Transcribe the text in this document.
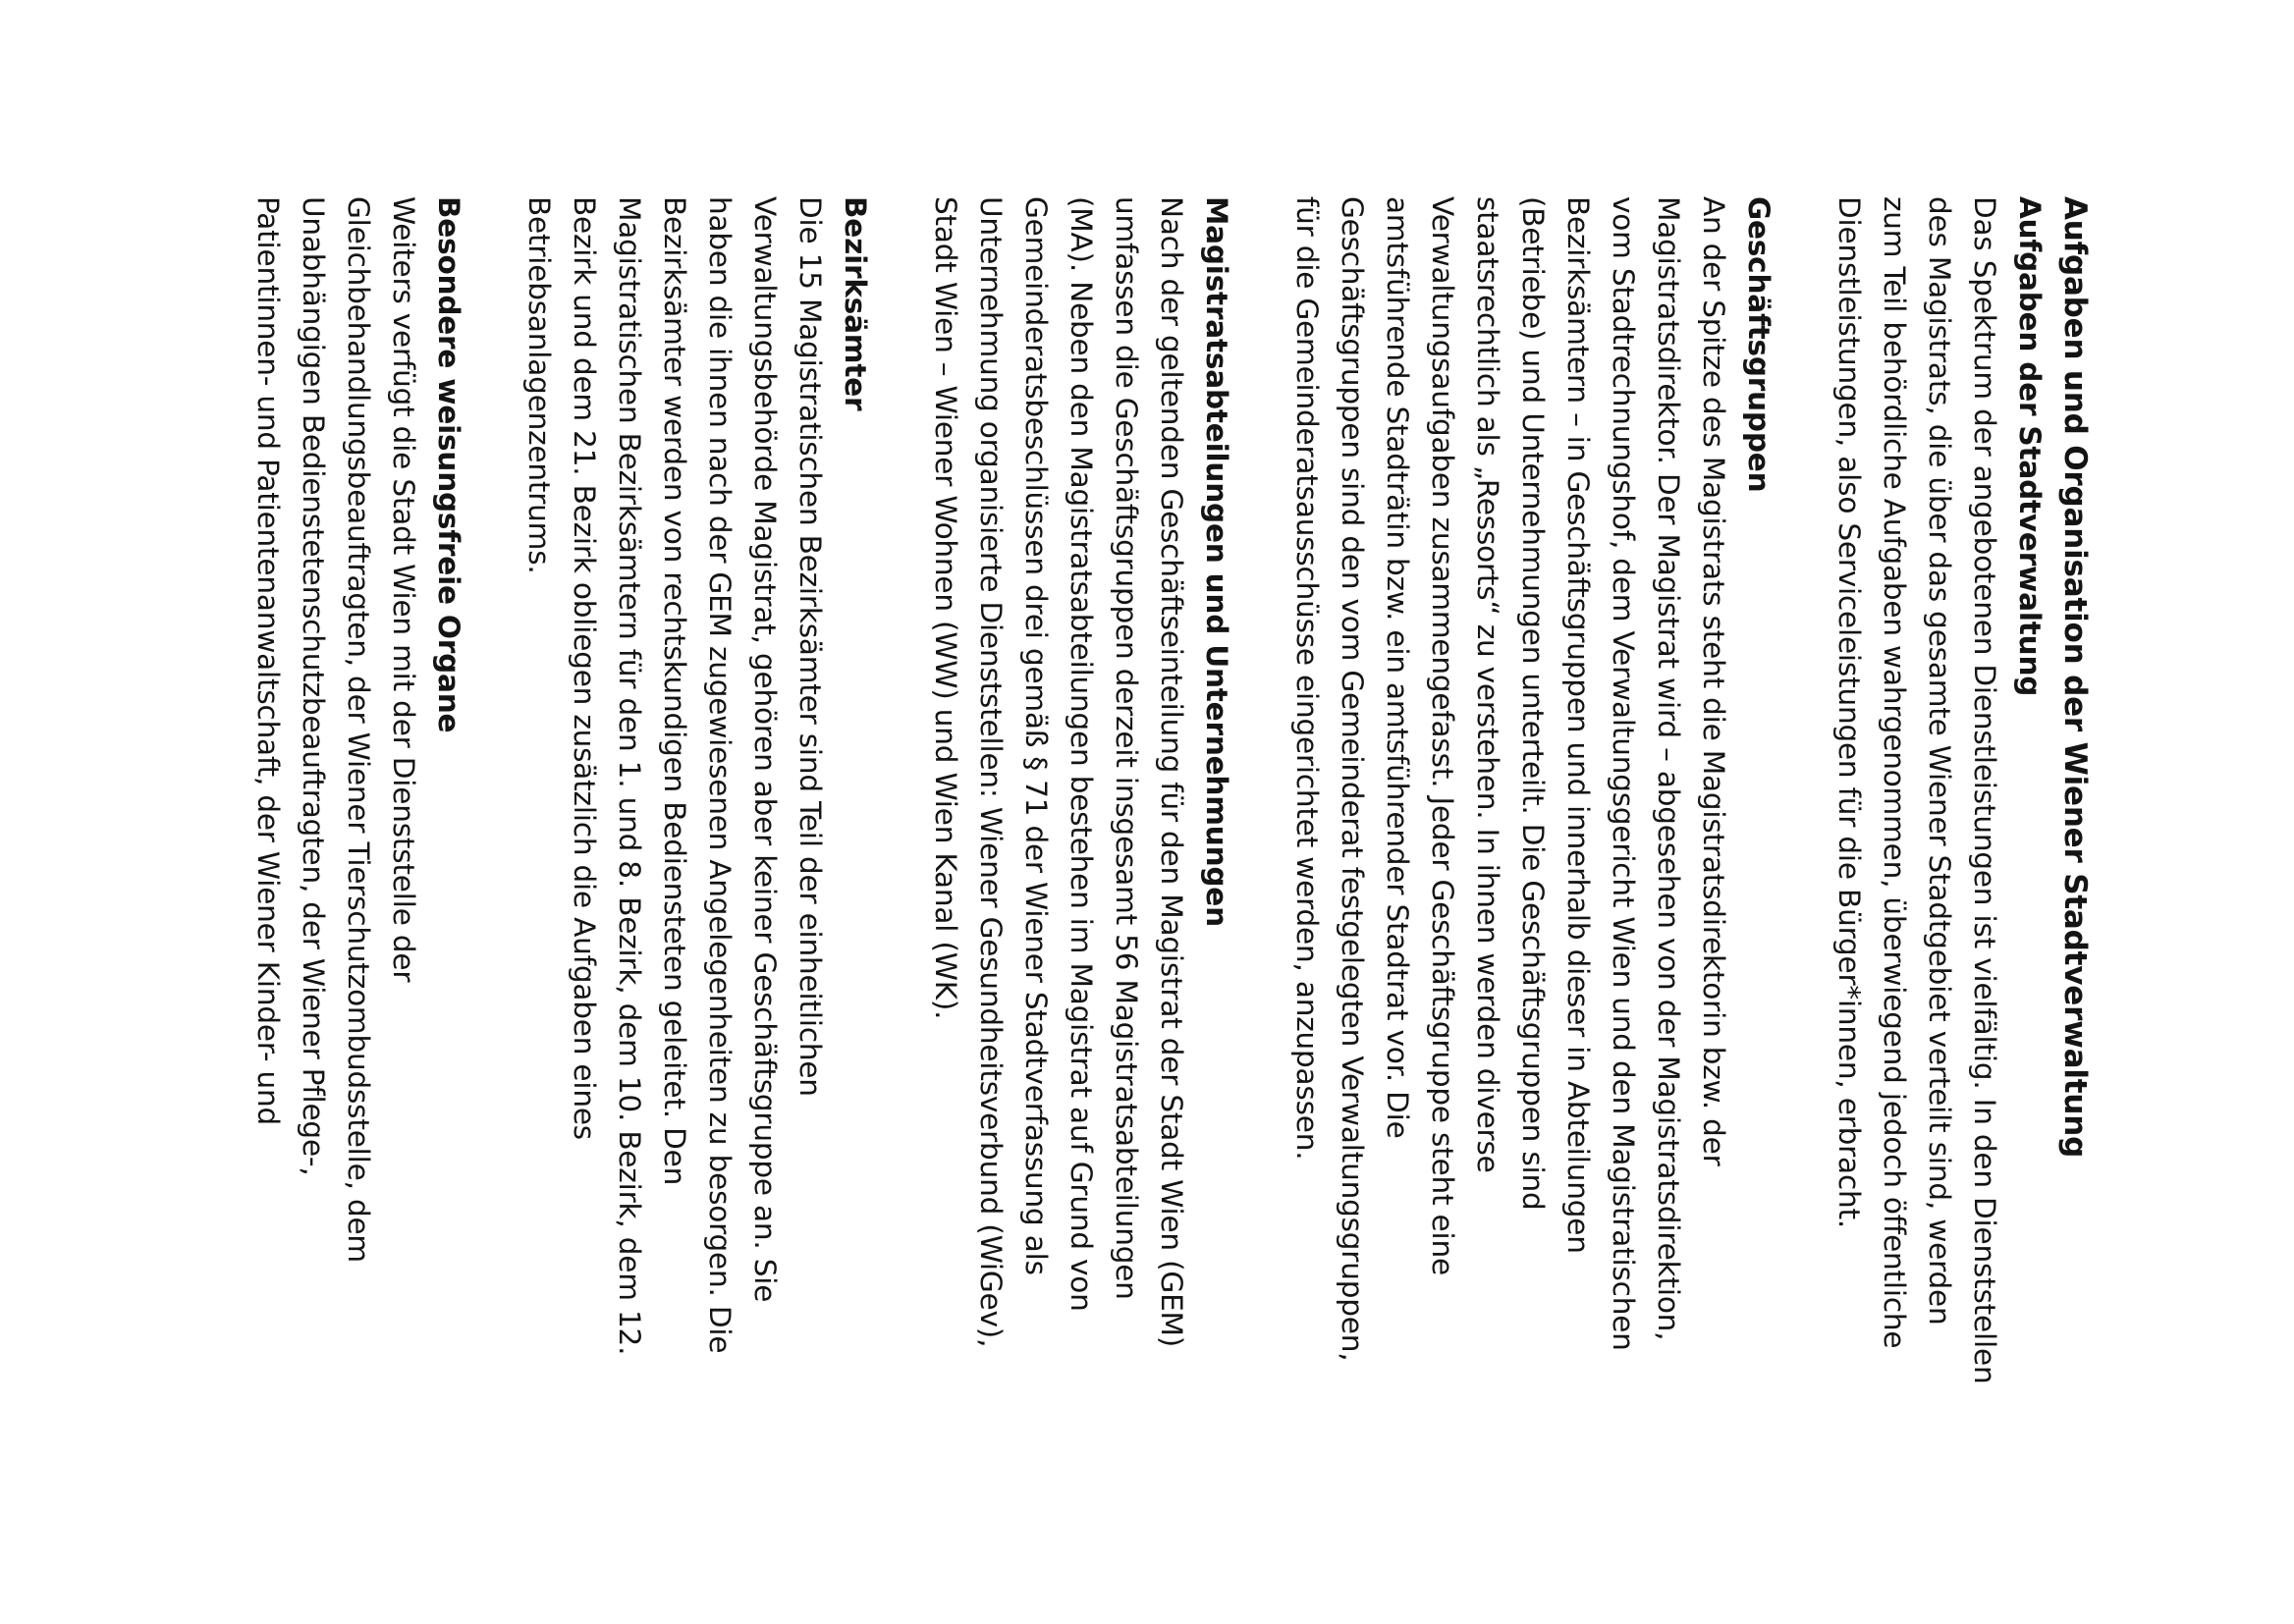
Aufgaben und Organisation der Wiener Stadtverwaltung
Aufgaben der Stadtverwaltung
Das Spektrum der angebotenen Dienstleistungen ist vielfältig. In den Dienststellen
des Magistrats, die über das gesamte Wiener Stadtgebiet verteilt sind, werden
zum Teil behördliche Aufgaben wahrgenommen, überwiegend jedoch öffentliche
Dienstleistungen, also Serviceleistungen für die Bürger*innen, erbracht.
Geschäftsgruppen
An der Spitze des Magistrats steht die Magistratsdirektorin bzw. der
Magistratsdirektor. Der Magistrat wird – abgesehen von der Magistratsdirektion,
vom Stadtrechnungshof, dem Verwaltungsgericht Wien und den Magistratischen
Bezirksämtern – in Geschäftsgruppen und innerhalb dieser in Abteilungen
(Betriebe) und Unternehmungen unterteilt. Die Geschäftsgruppen sind
staatsrechtlich als „Ressorts“ zu verstehen. In ihnen werden diverse
Verwaltungsaufgaben zusammengefasst. Jeder Geschäftsgruppe steht eine
amtsführende Stadträtin bzw. ein amtsführender Stadtrat vor. Die
Geschäftsgruppen sind den vom Gemeinderat festgelegten Verwaltungsgruppen,
für die Gemeinderatsausschüsse eingerichtet werden, anzupassen.
Magistratsabteilungen und Unternehmungen
Nach der geltenden Geschäftseinteilung für den Magistrat der Stadt Wien (GEM)
umfassen die Geschäftsgruppen derzeit insgesamt 56 Magistratsabteilungen
(MA). Neben den Magistratsabteilungen bestehen im Magistrat auf Grund von
Gemeinderatsbeschlüssen drei gemäß § 71 der Wiener Stadtverfassung als
Unternehmung organisierte Dienststellen: Wiener Gesundheitsverbund (WiGev),
Stadt Wien – Wiener Wohnen (WW) und Wien Kanal (WK).
Bezirksämter
Die 15 Magistratischen Bezirksämter sind Teil der einheitlichen
Verwaltungsbehörde Magistrat, gehören aber keiner Geschäftsgruppe an. Sie
haben die ihnen nach der GEM zugewiesenen Angelegenheiten zu besorgen. Die
Bezirksämter werden von rechtskundigen Bediensteten geleitet. Den
Magistratischen Bezirksämtern für den 1. und 8. Bezirk, dem 10. Bezirk, dem 12.
Bezirk und dem 21. Bezirk obliegen zusätzlich die Aufgaben eines
Betriebsanlagenzentrums.
Besondere weisungsfreie Organe
Weiters verfügt die Stadt Wien mit der Dienststelle der
Gleichbehandlungsbeauftragten, der Wiener Tierschutzombudsstelle, dem
Unabhängigen Bedienstetenschutzbeauftragten, der Wiener Pflege-,
Patientinnen- und Patientenanwaltschaft, der Wiener Kinder- und
